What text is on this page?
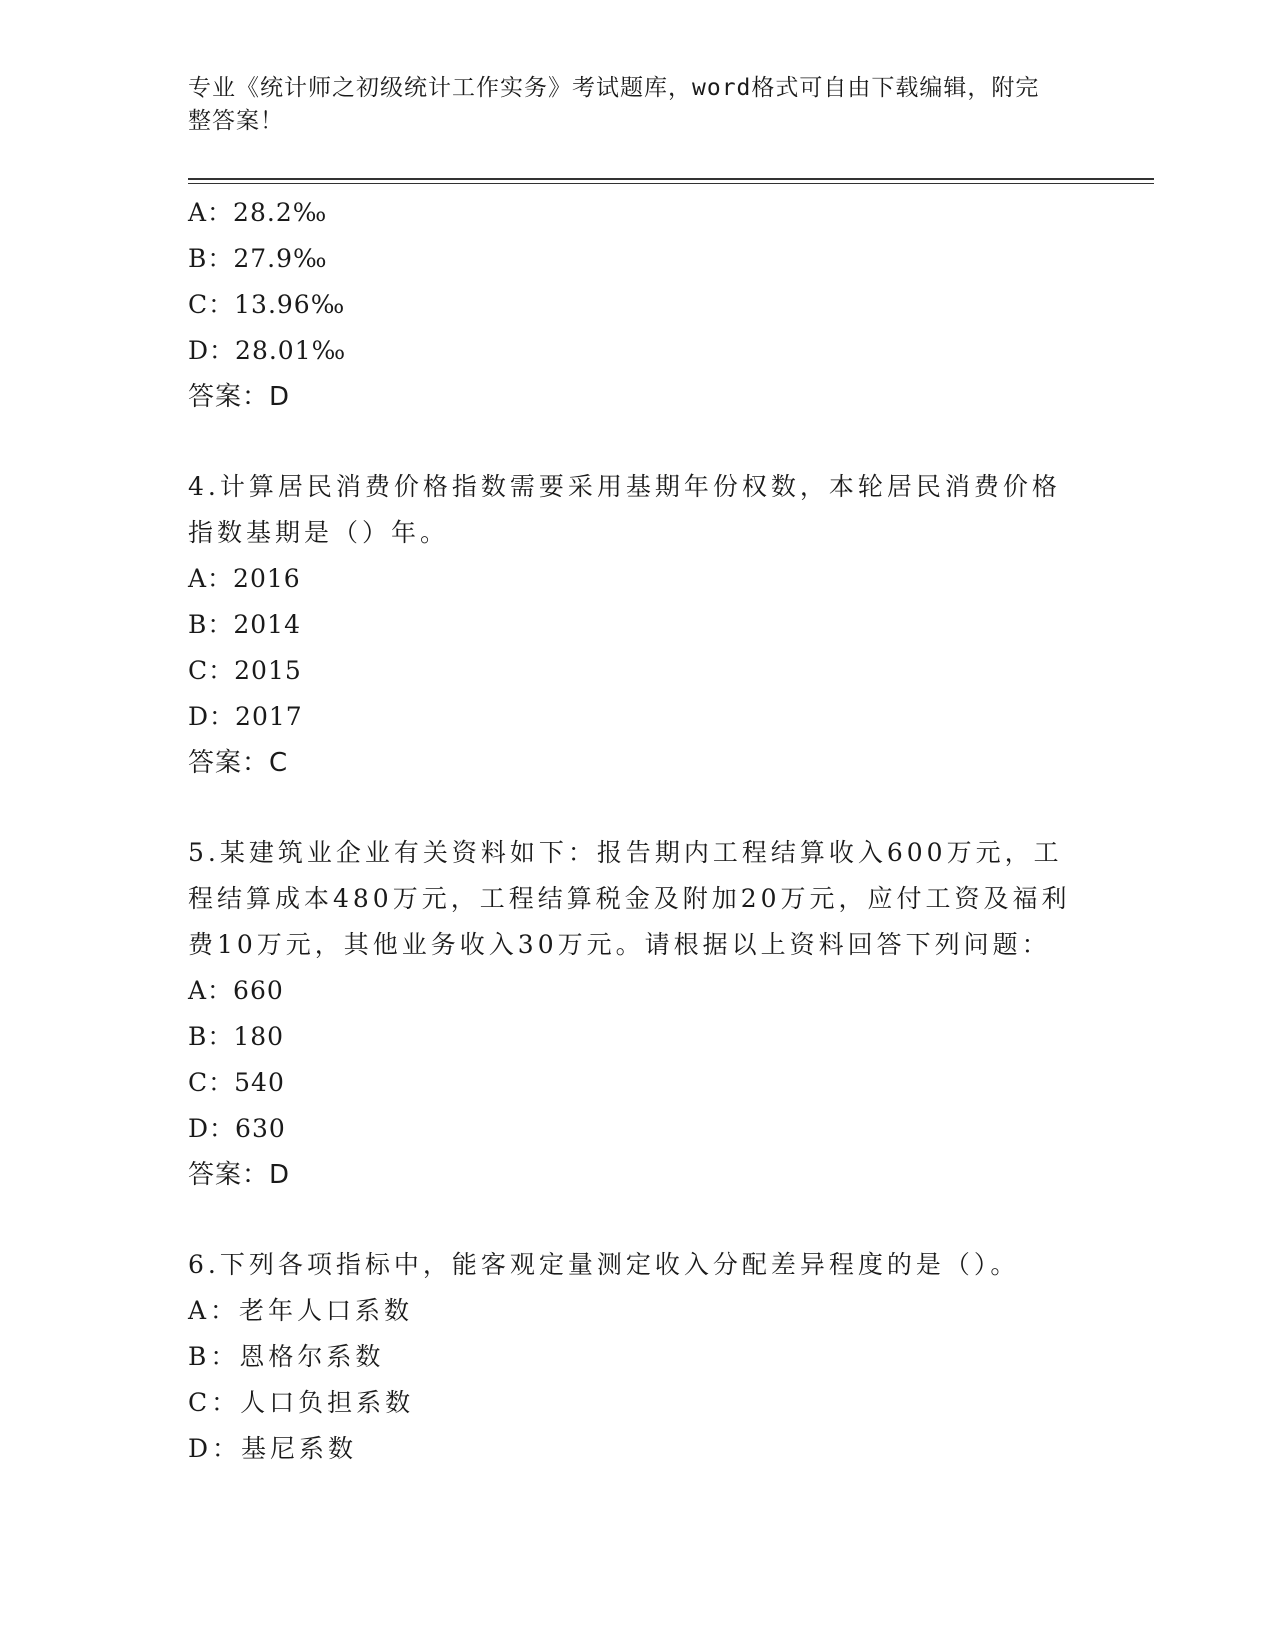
专业《统计师之初级统计工作实务》考试题库，word格式可自由下载编辑，附完
整答案！
A：28.2‰
B：27.9‰
C：13.96‰
D：28.01‰
答案：D
4.计算居民消费价格指数需要采用基期年份权数，本轮居民消费价格
指数基期是（）年。
A：2016
B：2014
C：2015
D：2017
答案：C
5.某建筑业企业有关资料如下：报告期内工程结算收入600万元，工
程结算成本480万元，工程结算税金及附加20万元，应付工资及福利
费10万元，其他业务收入30万元。请根据以上资料回答下列问题：
A：660
B：180
C：540
D：630
答案：D
6.下列各项指标中，能客观定量测定收入分配差异程度的是（）。
A：老年人口系数
B：恩格尔系数
C：人口负担系数
D：基尼系数
